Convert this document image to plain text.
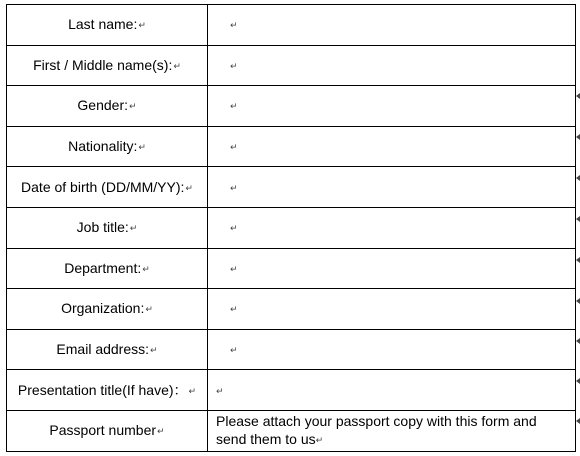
Last name:↵	↵
First / Middle name(s):↵	↵
Gender:↵	↵
Nationality:↵	↵
Date of birth (DD/MM/YY):↵	↵
Job title:↵	↵
Department:↵	↵
Organization:↵	↵
Email address:↵	↵
Presentation title(If have)：↵	↵
Passport number↵	Please attach your passport copy with this form and send them to us↵
